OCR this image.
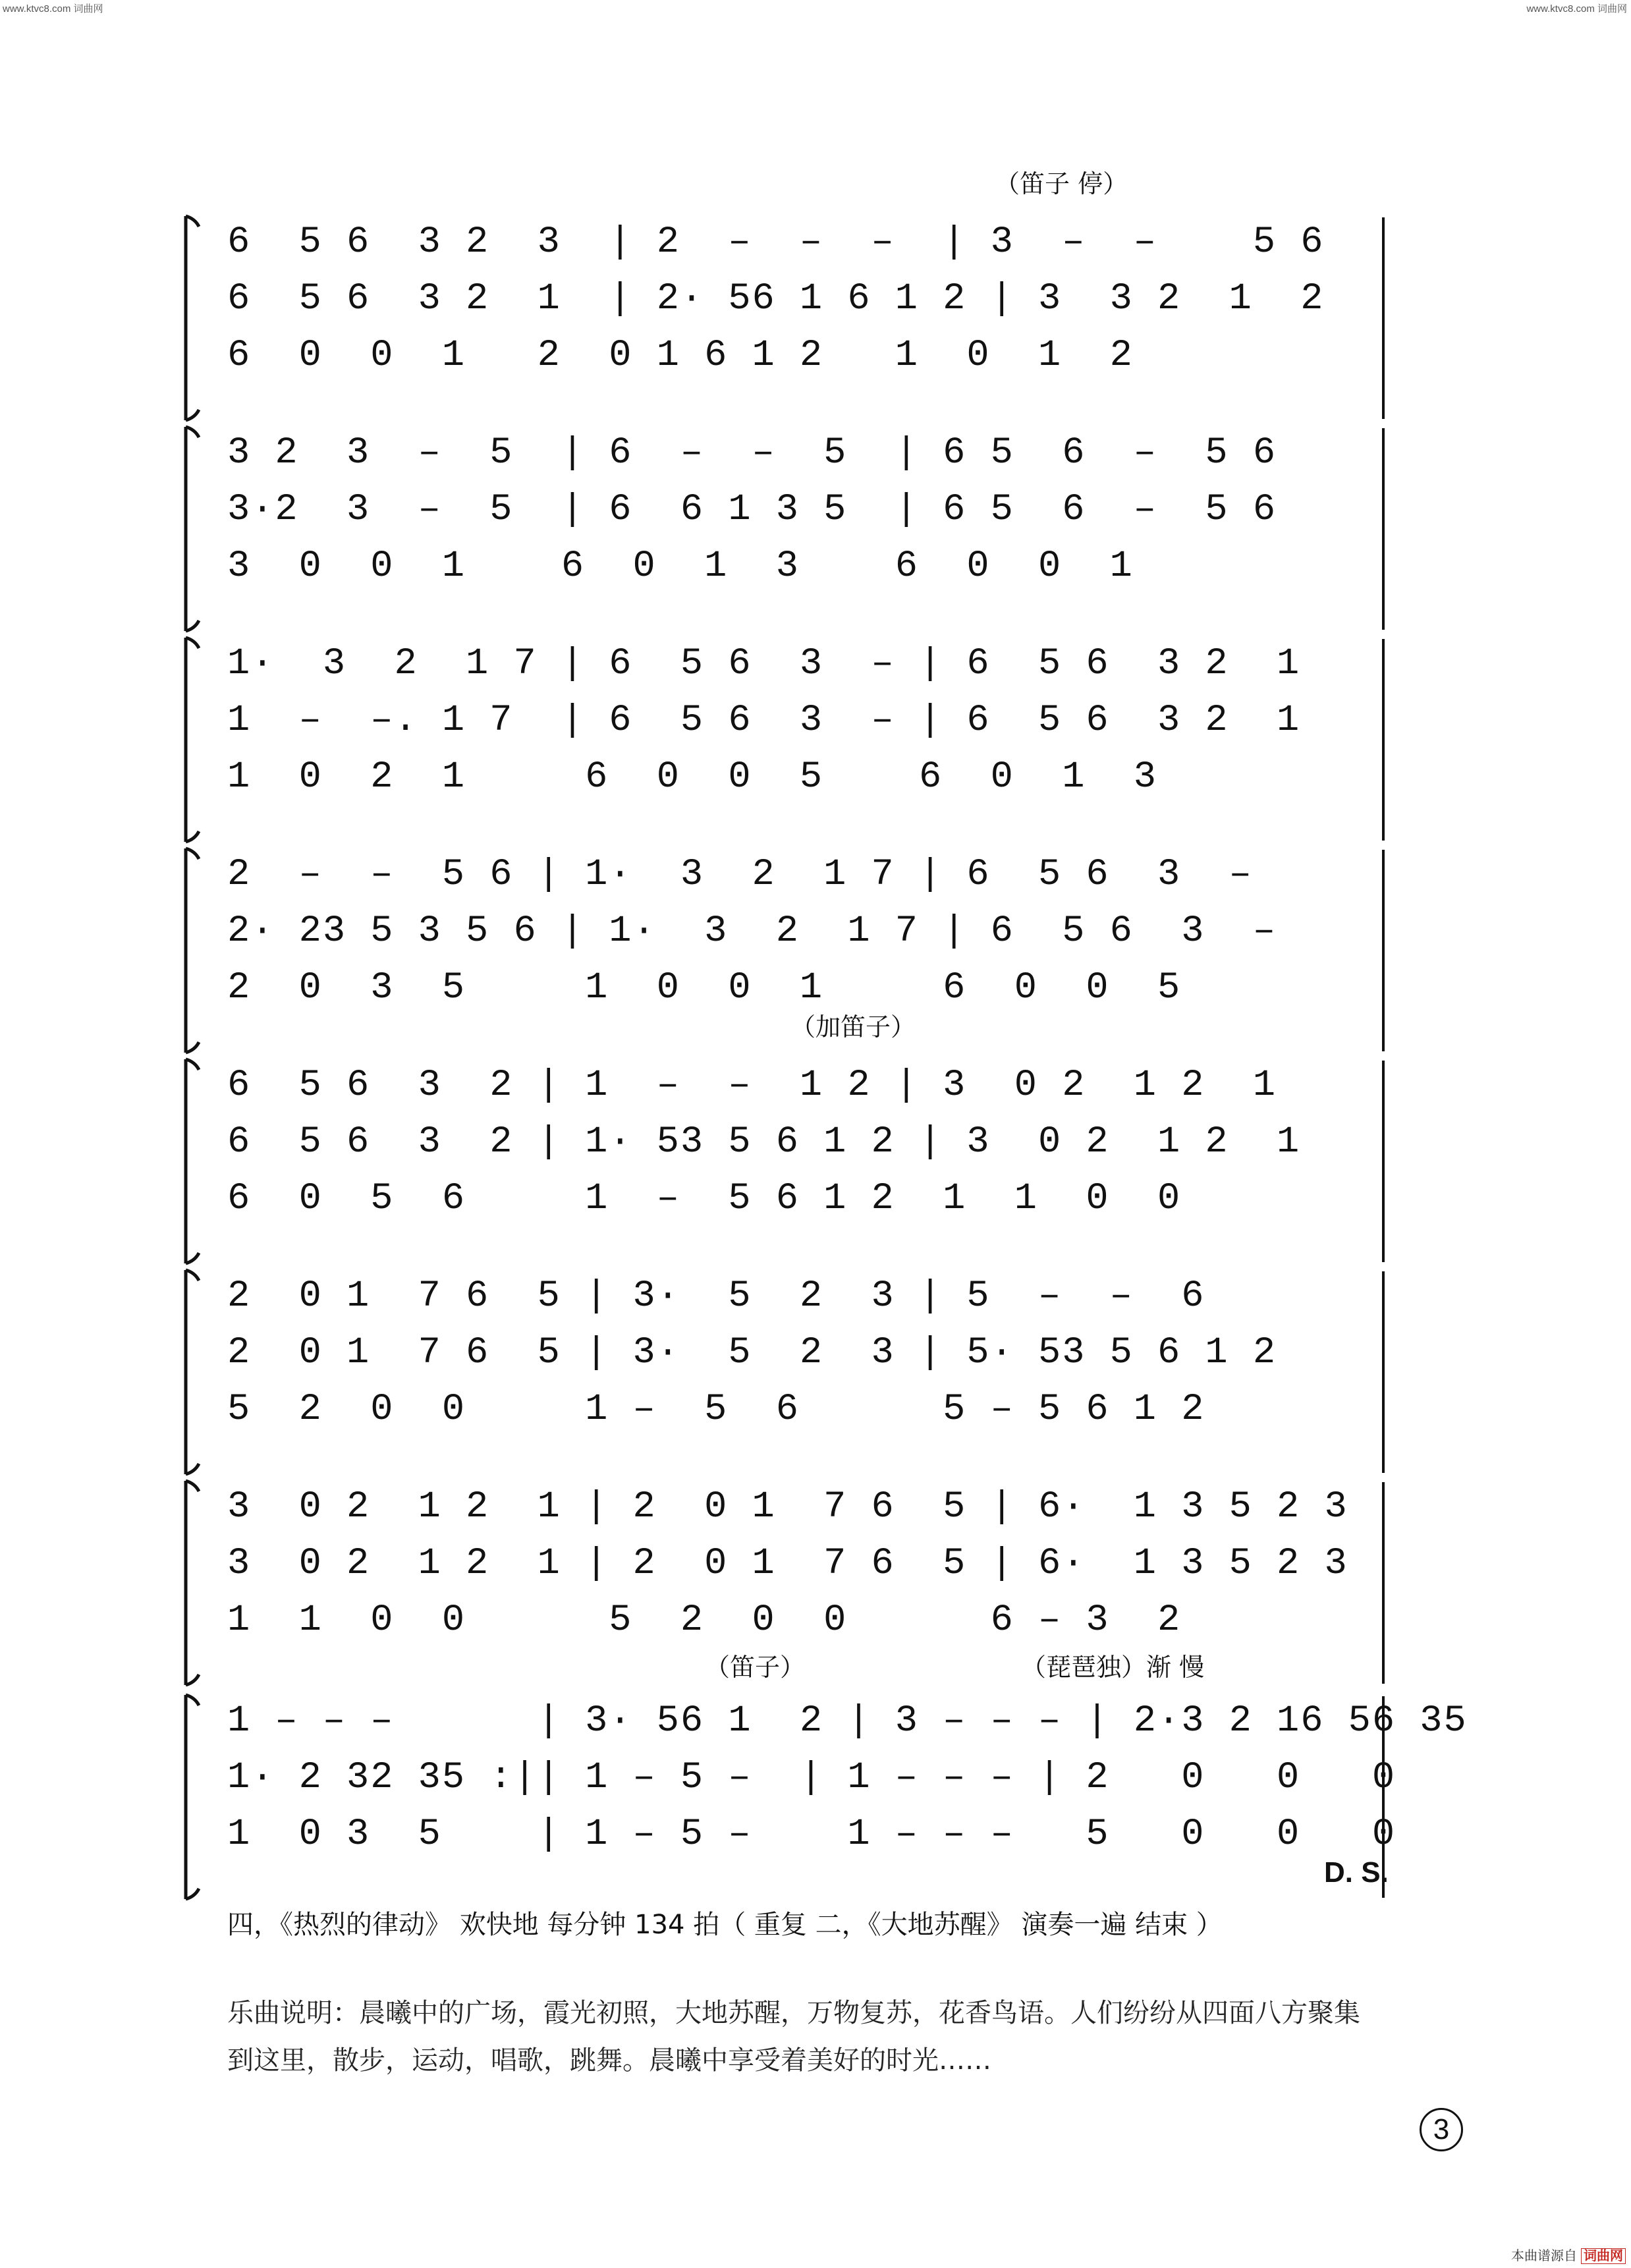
www.ktvc8.com 词曲网	www.ktvc8.com 词曲网
（笛子 停）
6  5 6  3 2  3  | 2  –  –  –  | 3  –  –    5 6
6  5 6  3 2  1  | 2· 56 1 6 1 2 | 3  3 2  1  2
6  0  0  1   2  0 1 6 1 2   1  0  1  2
3 2  3  –  5  | 6  –  –  5  | 6 5  6  –  5 6
3·2  3  –  5  | 6  6 1 3 5  | 6 5  6  –  5 6
3  0  0  1    6  0  1  3    6  0  0  1
1·  3  2  1 7 | 6  5 6  3  – | 6  5 6  3 2  1
1  –  –. 1 7  | 6  5 6  3  – | 6  5 6  3 2  1
1  0  2  1     6  0  0  5    6  0  1  3
2  –  –  5 6 | 1·  3  2  1 7 | 6  5 6  3  –
2· 23 5 3 5 6 | 1·  3  2  1 7 | 6  5 6  3  –
2  0  3  5     1  0  0  1     6  0  0  5
（加笛子）
6  5 6  3  2 | 1  –  –  1 2 | 3  0 2  1 2  1
6  5 6  3  2 | 1· 53 5 6 1 2 | 3  0 2  1 2  1
6  0  5  6     1  –  5 6 1 2  1  1  0  0
2  0 1  7 6  5 | 3·  5  2  3 | 5  –  –  6
2  0 1  7 6  5 | 3·  5  2  3 | 5· 53 5 6 1 2
5  2  0  0     1 –  5  6      5 – 5 6 1 2
3  0 2  1 2  1 | 2  0 1  7 6  5 | 6·  1 3 5 2 3
3  0 2  1 2  1 | 2  0 1  7 6  5 | 6·  1 3 5 2 3
1  1  0  0      5  2  0  0      6 – 3  2
1 – – –      | 3· 56 1  2 | 3 – – – | 2·3 2 16 56 35
1· 2 32 35 :|| 1 – 5 –  | 1 – – – | 2   0   0   0
1  0 3  5    | 1 – 5 –    1 – – –   5   0   0   0
（笛子）	（琵琶独）渐 慢
D. S.
四，《热烈的律动》 欢快地 每分钟 134 拍（ 重复 二，《大地苏醒》 演奏一遍 结束 ）
乐曲说明：晨曦中的广场，霞光初照，大地苏醒，万物复苏，花香鸟语。人们纷纷从四面八方聚集到这里，散步，运动，唱歌，跳舞。晨曦中享受着美好的时光……
3
本曲谱源自 词曲网
